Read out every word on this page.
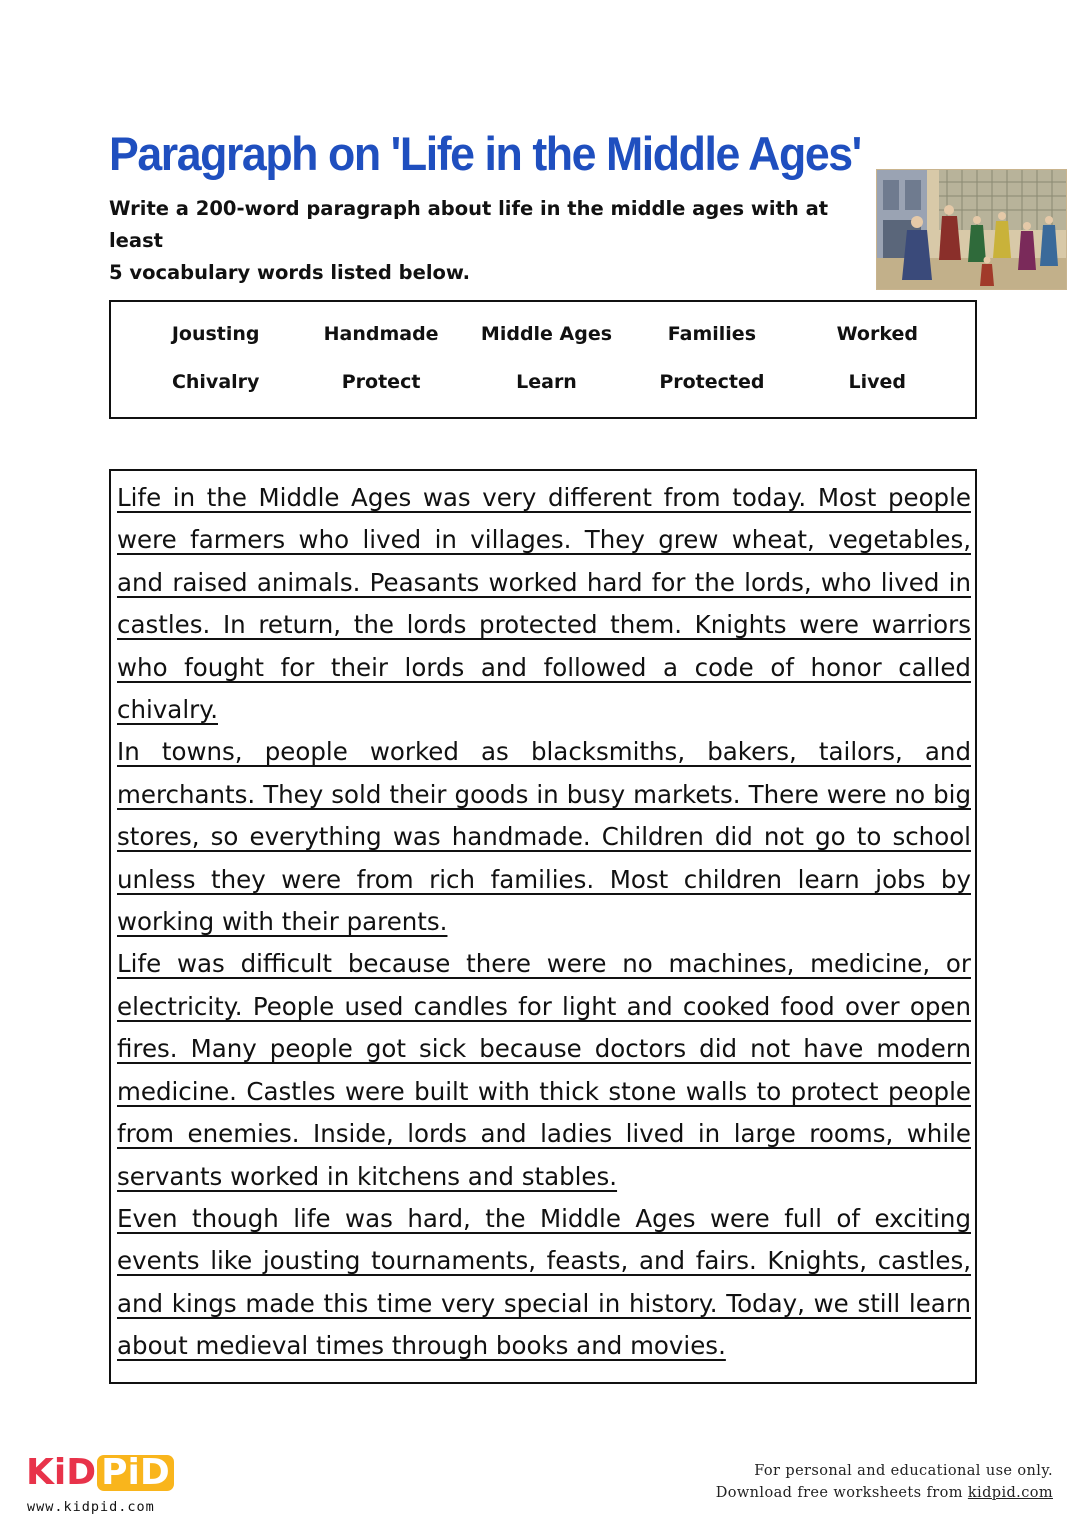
Paragraph on 'Life in the Middle Ages'
Write a 200-word paragraph about life in the middle ages with at least
5 vocabulary words listed below.
Jousting	Handmade	Middle Ages	Families	Worked
Chivalry	Protect	Learn	Protected	Lived

Life in the Middle Ages was very different from today. Most people were farmers who lived in villages. They grew wheat, vegetables, and raised animals. Peasants worked hard for the lords, who lived in castles. In return, the lords protected them. Knights were warriors who fought for their lords and followed a code of honor called chivalry.

In towns, people worked as blacksmiths, bakers, tailors, and merchants. They sold their goods in busy markets. There were no big stores, so everything was handmade. Children did not go to school unless they were from rich families. Most children learn jobs by working with their parents.

Life was difficult because there were no machines, medicine, or electricity. People used candles for light and cooked food over open fires. Many people got sick because doctors did not have modern medicine. Castles were built with thick stone walls to protect people from enemies. Inside, lords and ladies lived in large rooms, while servants worked in kitchens and stables.

Even though life was hard, the Middle Ages were full of exciting events like jousting tournaments, feasts, and fairs. Knights, castles, and kings made this time very special in history. Today, we still learn about medieval times through books and movies.

KiD PiD
www.kidpid.com
For personal and educational use only.
Download free worksheets from kidpid.com
